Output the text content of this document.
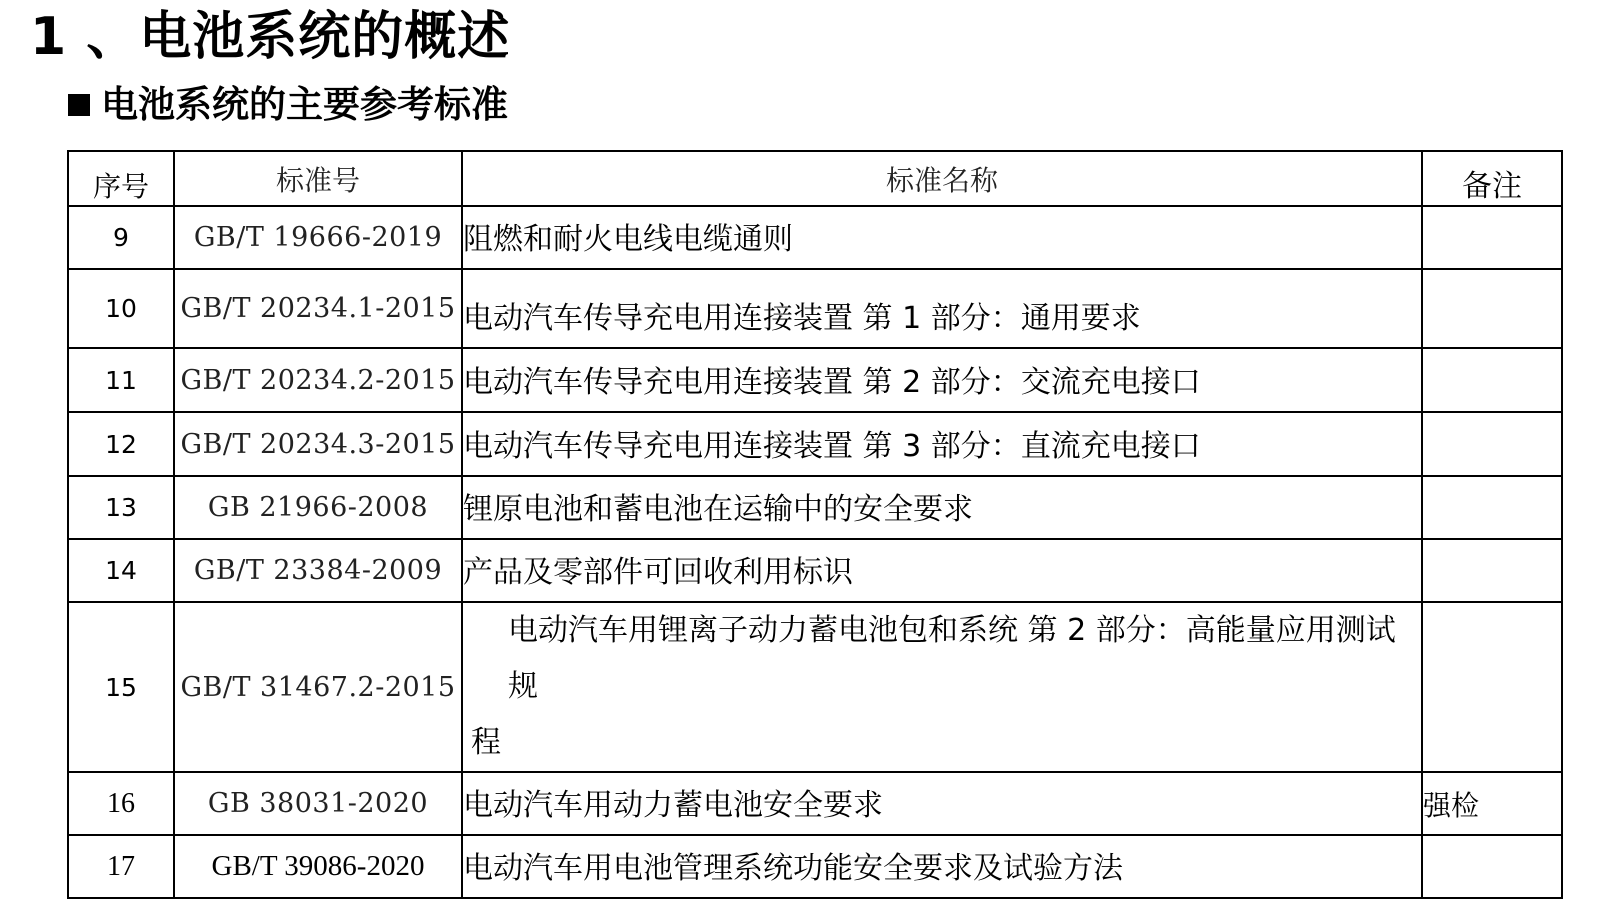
1 、电池系统的概述
电池系统的主要参考标准
序号	标准号	标准名称	备注
9	GB/T 19666-2019	阻燃和耐火电线电缆通则	
10	GB/T 20234.1-2015	电动汽车传导充电用连接装置 第 1 部分：通用要求	
11	GB/T 20234.2-2015	电动汽车传导充电用连接装置 第 2 部分：交流充电接口	
12	GB/T 20234.3-2015	电动汽车传导充电用连接装置 第 3 部分：直流充电接口	
13	GB 21966-2008	锂原电池和蓄电池在运输中的安全要求	
14	GB/T 23384-2009	产品及零部件可回收利用标识	
15	GB/T 31467.2-2015	电动汽车用锂离子动力蓄电池包和系统 第 2 部分：高能量应用测试规
程	
16	GB 38031-2020	电动汽车用动力蓄电池安全要求	强检
17	GB/T 39086-2020	电动汽车用电池管理系统功能安全要求及试验方法	
